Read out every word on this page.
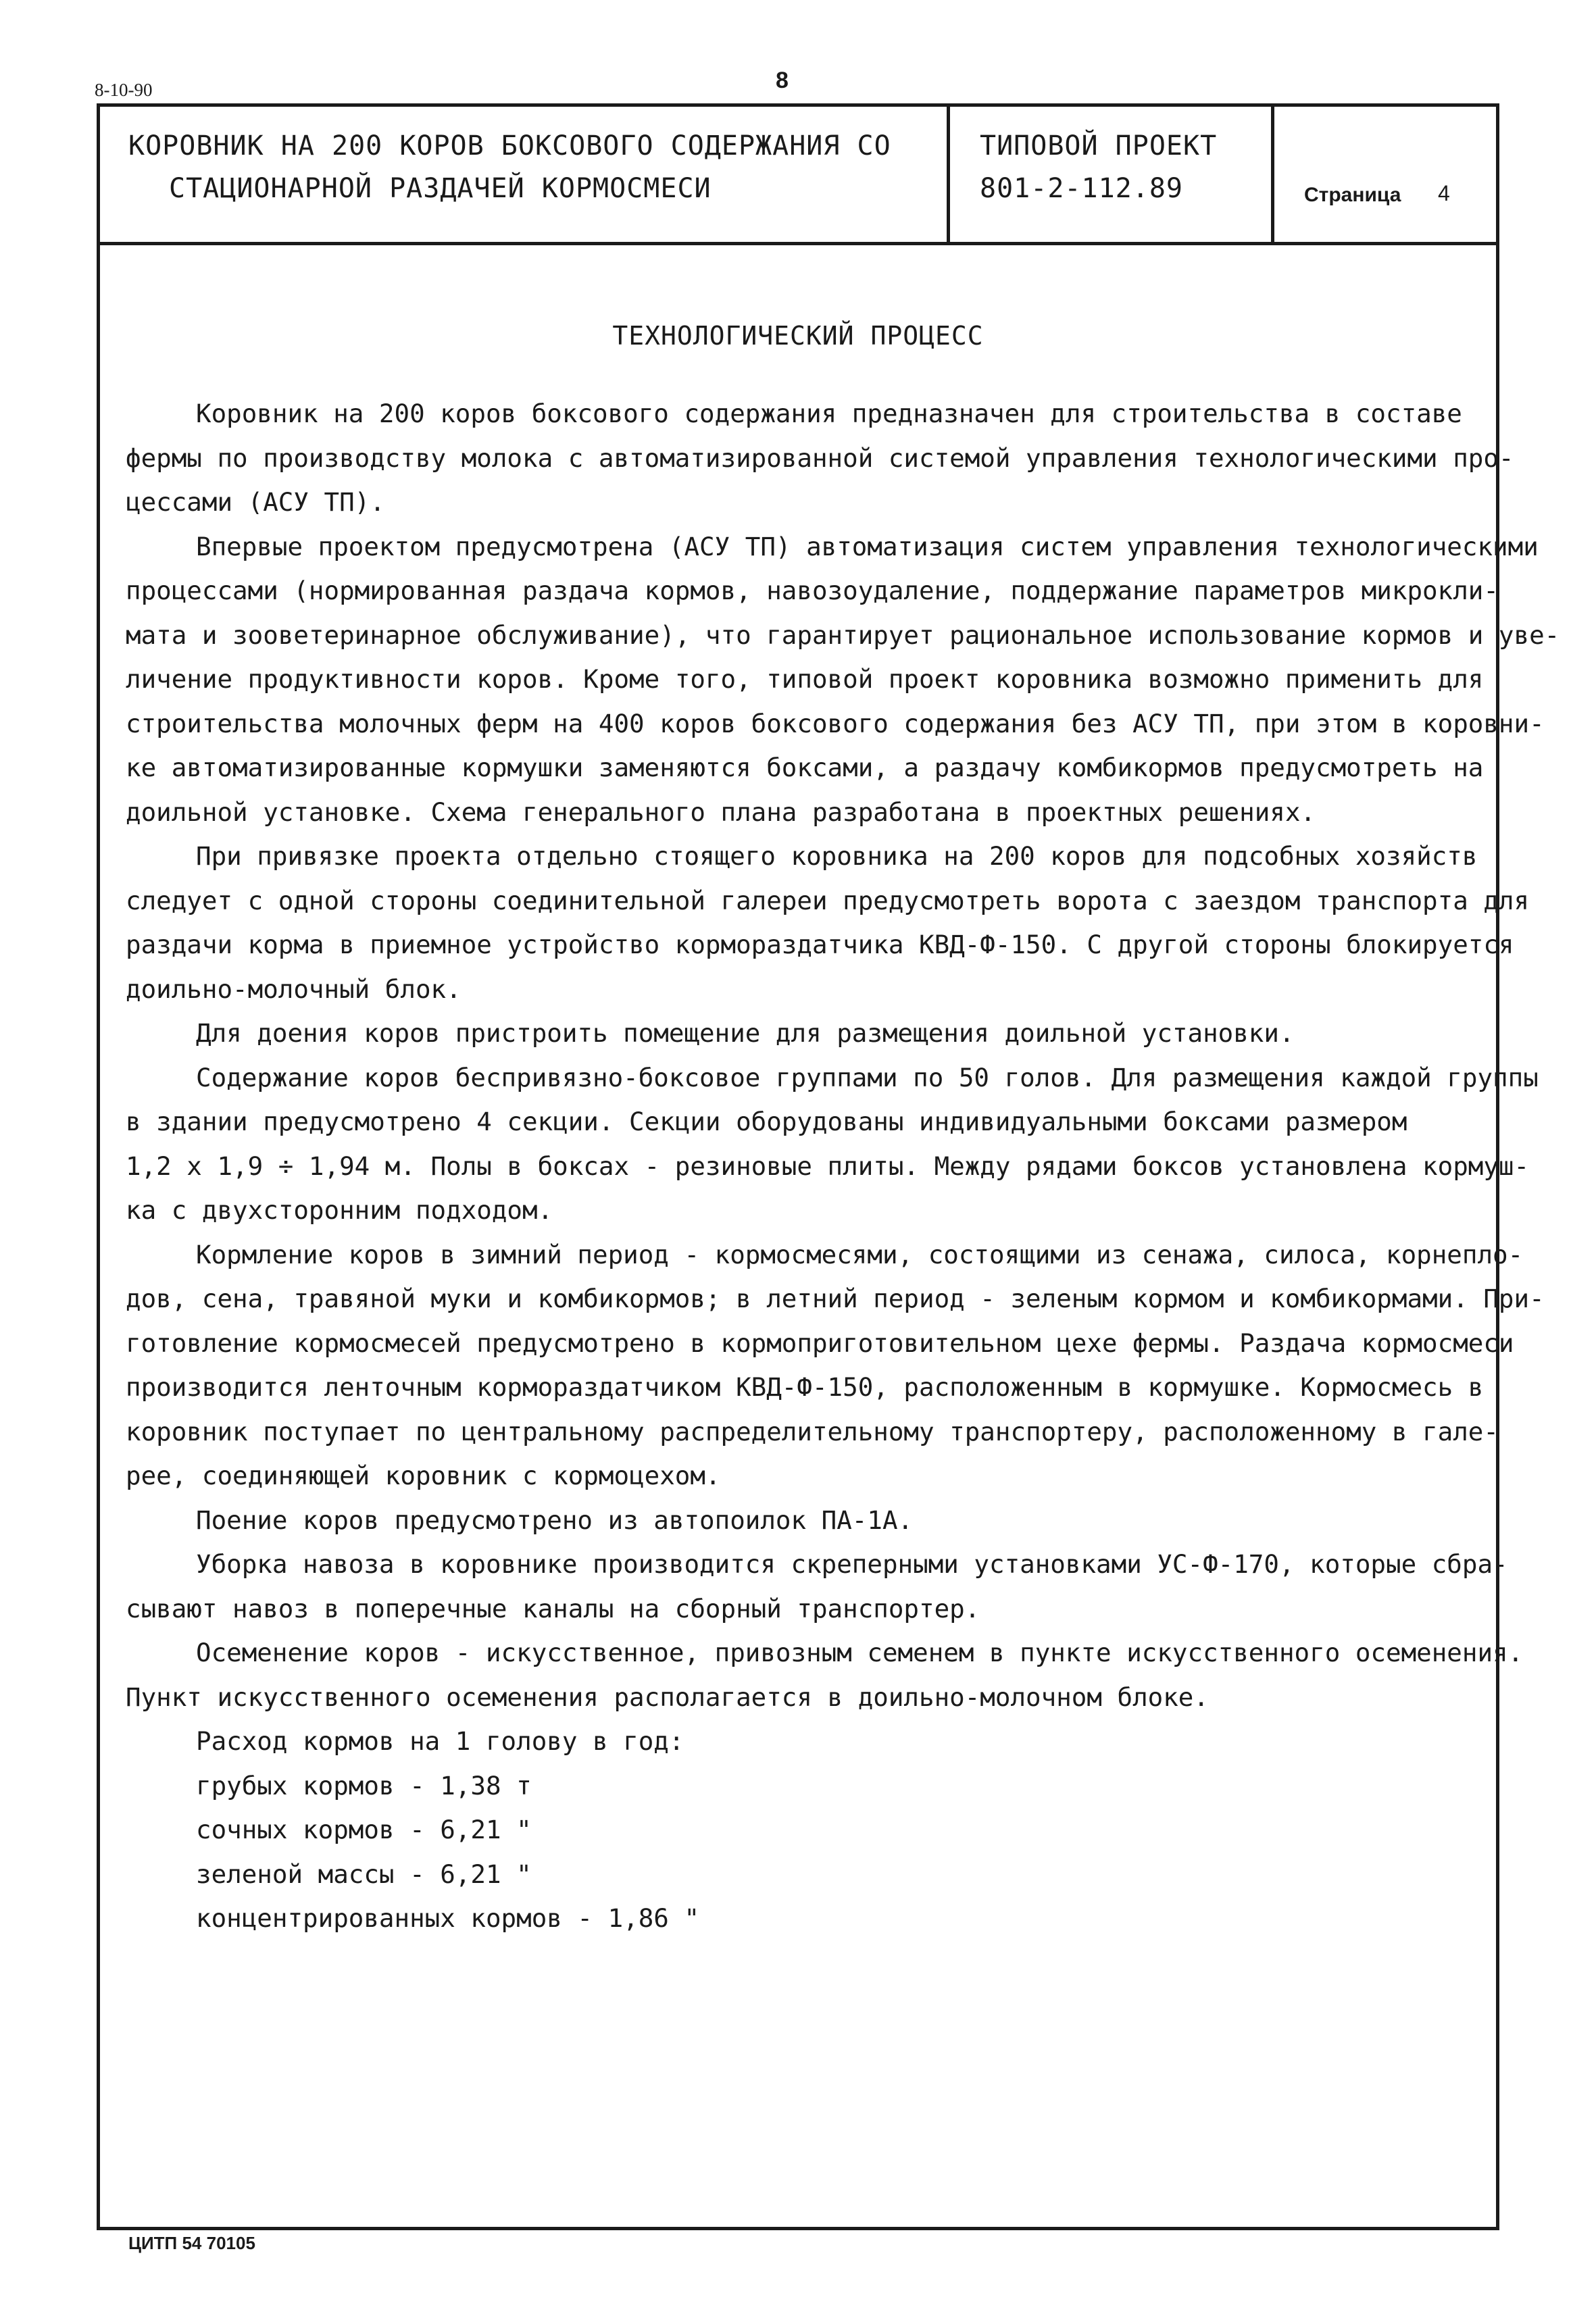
8-10-90	8
КОРОВНИК НА 200 КОРОВ БОКСОВОГО СОДЕРЖАНИЯ СО
СТАЦИОНАРНОЙ РАЗДАЧЕЙ КОРМОСМЕСИ
ТИПОВОЙ ПРОЕКТ
801-2-112.89	Страница 4
ТЕХНОЛОГИЧЕСКИЙ ПРОЦЕСС

Коровник на 200 коров боксового содержания предназначен для строительства в составе
фермы по производству молока с автоматизированной системой управления технологическими про-
цессами (АСУ ТП).

Впервые проектом предусмотрена (АСУ ТП) автоматизация систем управления технологическими
процессами (нормированная раздача кормов, навозоудаление, поддержание параметров микрокли-
мата и зооветеринарное обслуживание), что гарантирует рациональное использование кормов и уве-
личение продуктивности коров. Кроме того, типовой проект коровника возможно применить для
строительства молочных ферм на 400 коров боксового содержания без АСУ ТП, при этом в коровни-
ке автоматизированные кормушки заменяются боксами, а раздачу комбикормов предусмотреть на
доильной установке. Схема генерального плана разработана в проектных решениях.

При привязке проекта отдельно стоящего коровника на 200 коров для подсобных хозяйств
следует с одной стороны соединительной галереи предусмотреть ворота с заездом транспорта для
раздачи корма в приемное устройство кормораздатчика КВД-Ф-150. С другой стороны блокируется
доильно-молочный блок.

Для доения коров пристроить помещение для размещения доильной установки.

Содержание коров беспривязно-боксовое группами по 50 голов. Для размещения каждой группы
в здании предусмотрено 4 секции. Секции оборудованы индивидуальными боксами размером
1,2 x 1,9 ÷ 1,94 м. Полы в боксах - резиновые плиты. Между рядами боксов установлена кормуш-
ка с двухсторонним подходом.

Кормление коров в зимний период - кормосмесями, состоящими из сенажа, силоса, корнепло-
дов, сена, травяной муки и комбикормов; в летний период - зеленым кормом и комбикормами. При-
готовление кормосмесей предусмотрено в кормоприготовительном цехе фермы. Раздача кормосмеси
производится ленточным кормораздатчиком КВД-Ф-150, расположенным в кормушке. Кормосмесь в
коровник поступает по центральному распределительному транспортеру, расположенному в гале-
рее, соединяющей коровник с кормоцехом.

Поение коров предусмотрено из автопоилок ПА-1А.

Уборка навоза в коровнике производится скреперными установками УС-Ф-170, которые сбра-
сывают навоз в поперечные каналы на сборный транспортер.

Осеменение коров - искусственное, привозным семенем в пункте искусственного осеменения.
Пункт искусственного осеменения располагается в доильно-молочном блоке.

Расход кормов на 1 голову в год:

грубых кормов - 1,38 т
сочных кормов - 6,21 "
зеленой массы - 6,21 "
концентрированных кормов - 1,86 "
ЦИТП 54 70105
